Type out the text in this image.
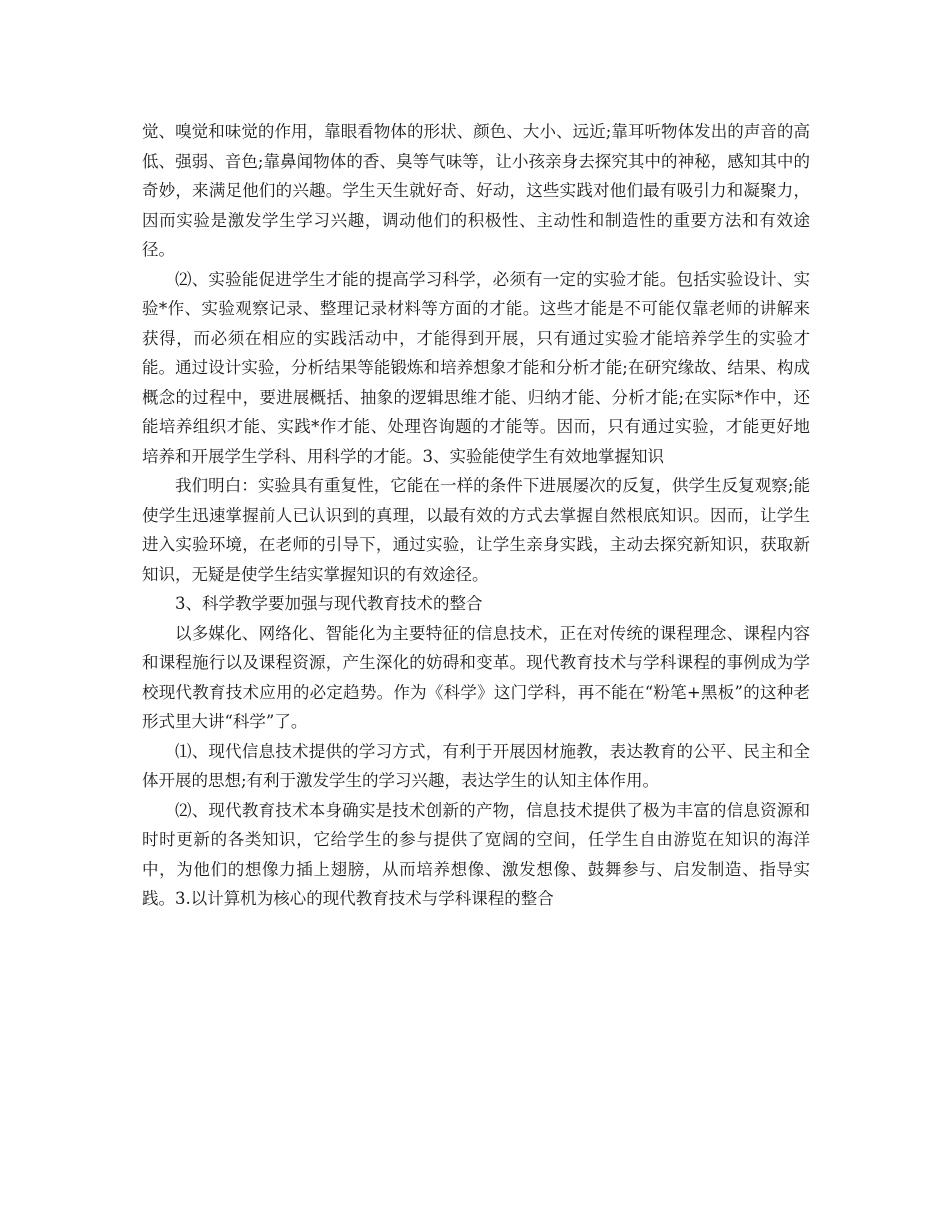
觉、嗅觉和味觉的作用，靠眼看物体的形状、颜色、大小、远近;靠耳听物体发出的声音的高低、强弱、音色;靠鼻闻物体的香、臭等气味等，让小孩亲身去探究其中的神秘，感知其中的奇妙，来满足他们的兴趣。学生天生就好奇、好动，这些实践对他们最有吸引力和凝聚力，因而实验是激发学生学习兴趣，调动他们的积极性、主动性和制造性的重要方法和有效途径。

⑵、实验能促进学生才能的提高学习科学，必须有一定的实验才能。包括实验设计、实验*作、实验观察记录、整理记录材料等方面的才能。这些才能是不可能仅靠老师的讲解来获得，而必须在相应的实践活动中，才能得到开展，只有通过实验才能培养学生的实验才能。通过设计实验，分析结果等能锻炼和培养想象才能和分析才能;在研究缘故、结果、构成概念的过程中，要进展概括、抽象的逻辑思维才能、归纳才能、分析才能;在实际*作中，还能培养组织才能、实践*作才能、处理咨询题的才能等。因而，只有通过实验，才能更好地培养和开展学生学科、用科学的才能。3、实验能使学生有效地掌握知识

我们明白：实验具有重复性，它能在一样的条件下进展屡次的反复，供学生反复观察;能使学生迅速掌握前人已认识到的真理，以最有效的方式去掌握自然根底知识。因而，让学生进入实验环境，在老师的引导下，通过实验，让学生亲身实践，主动去探究新知识，获取新知识，无疑是使学生结实掌握知识的有效途径。

3、科学教学要加强与现代教育技术的整合

以多媒化、网络化、智能化为主要特征的信息技术，正在对传统的课程理念、课程内容和课程施行以及课程资源，产生深化的妨碍和变革。现代教育技术与学科课程的事例成为学校现代教育技术应用的必定趋势。作为《科学》这门学科，再不能在“粉笔+黑板”的这种老形式里大讲“科学”了。

⑴、现代信息技术提供的学习方式，有利于开展因材施教，表达教育的公平、民主和全体开展的思想;有利于激发学生的学习兴趣，表达学生的认知主体作用。

⑵、现代教育技术本身确实是技术创新的产物，信息技术提供了极为丰富的信息资源和时时更新的各类知识，它给学生的参与提供了宽阔的空间，任学生自由游览在知识的海洋中，为他们的想像力插上翅膀，从而培养想像、激发想像、鼓舞参与、启发制造、指导实践。3.以计算机为核心的现代教育技术与学科课程的整合
